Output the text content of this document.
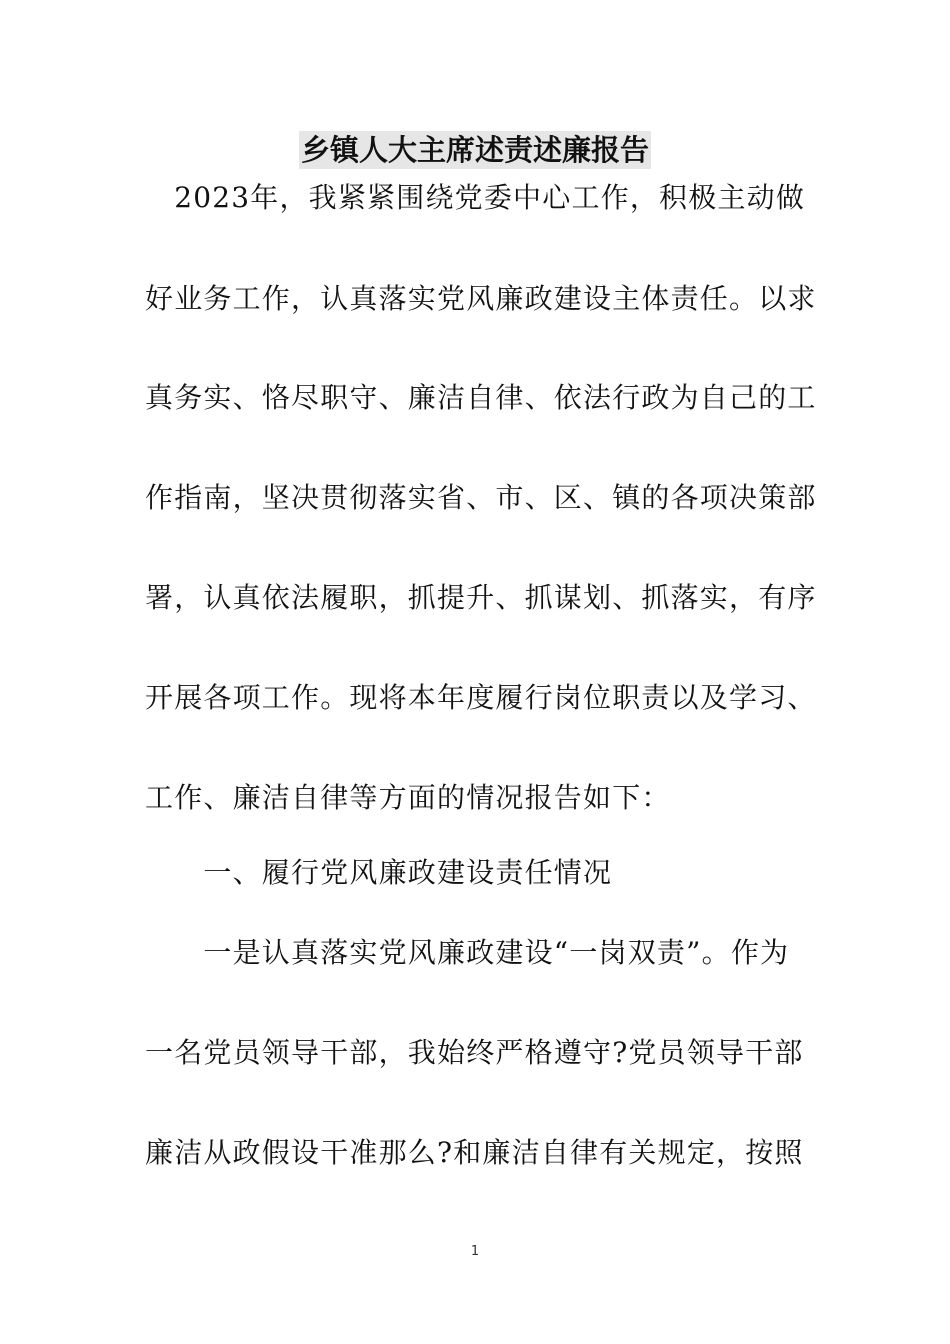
乡镇人大主席述责述廉报告
　2023年，我紧紧围绕党委中心工作，积极主动做
好业务工作，认真落实党风廉政建设主体责任。以求
真务实、恪尽职守、廉洁自律、依法行政为自己的工
作指南，坚决贯彻落实省、市、区、镇的各项决策部
署，认真依法履职，抓提升、抓谋划、抓落实，有序
开展各项工作。现将本年度履行岗位职责以及学习、
工作、廉洁自律等方面的情况报告如下：
　　一、履行党风廉政建设责任情况
　　一是认真落实党风廉政建设“一岗双责”。作为
一名党员领导干部，我始终严格遵守?党员领导干部
廉洁从政假设干准那么?和廉洁自律有关规定，按照
1
